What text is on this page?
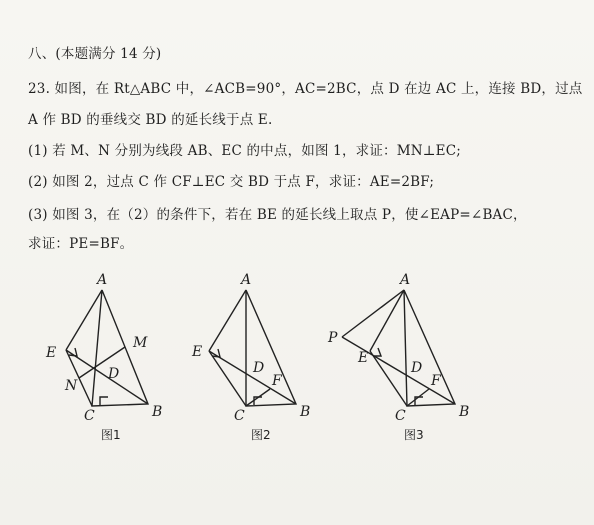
八、(本题满分 14 分)
23. 如图，在 Rt△ABC 中，∠ACB=90°，AC=2BC，点 D 在边 AC 上，连接 BD，过点
A 作 BD 的垂线交 BD 的延长线于点 E.
(1) 若 M、N 分别为线段 AB、EC 的中点，如图 1，求证：MN⊥EC;
(2) 如图 2，过点 C 作 CF⊥EC 交 BD 于点 F，求证：AE=2BF;
(3) 如图 3，在（2）的条件下，若在 BE 的延长线上取点 P，使∠EAP=∠BAC，
求证：PE=BF。
A
E
M
N
D
C	B
图1
A
E
D
F
C	B
图2
A
P
E
D
F
C	B
图3
